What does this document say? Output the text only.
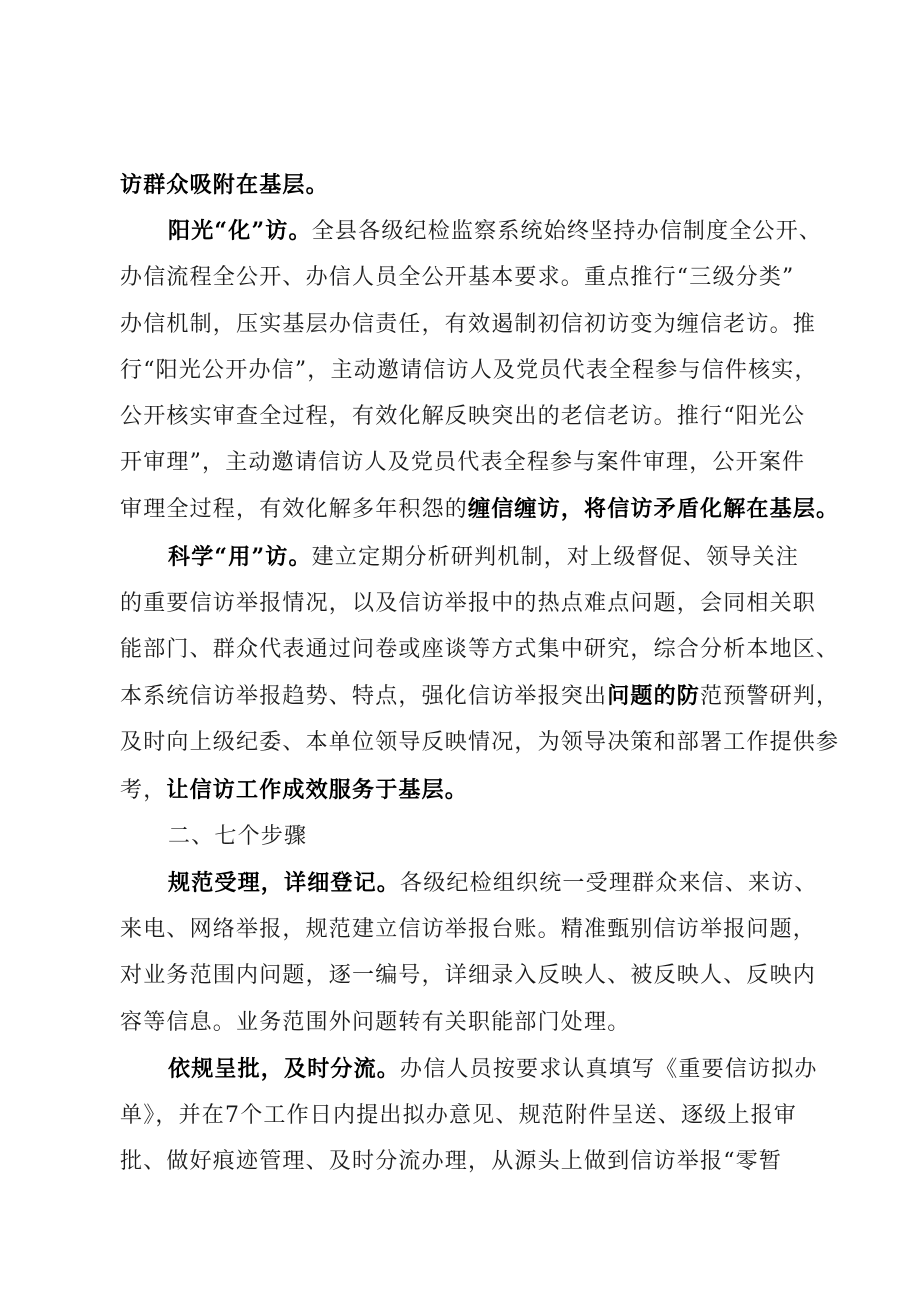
访群众吸附在基层。

阳光“化”访。全县各级纪检监察系统始终坚持办信制度全公开、
办信流程全公开、办信人员全公开基本要求。重点推行“三级分类”
办信机制，压实基层办信责任，有效遏制初信初访变为缠信老访。推
行“阳光公开办信”，主动邀请信访人及党员代表全程参与信件核实，
公开核实审查全过程，有效化解反映突出的老信老访。推行“阳光公
开审理”，主动邀请信访人及党员代表全程参与案件审理，公开案件
审理全过程，有效化解多年积怨的缠信缠访，将信访矛盾化解在基层。

科学“用”访。建立定期分析研判机制，对上级督促、领导关注
的重要信访举报情况，以及信访举报中的热点难点问题，会同相关职
能部门、群众代表通过问卷或座谈等方式集中研究，综合分析本地区、
本系统信访举报趋势、特点，强化信访举报突出问题的防范预警研判，
及时向上级纪委、本单位领导反映情况，为领导决策和部署工作提供参
考，让信访工作成效服务于基层。

二、七个步骤

规范受理，详细登记。各级纪检组织统一受理群众来信、来访、
来电、网络举报，规范建立信访举报台账。精准甄别信访举报问题，
对业务范围内问题，逐一编号，详细录入反映人、被反映人、反映内
容等信息。业务范围外问题转有关职能部门处理。

依规呈批，及时分流。办信人员按要求认真填写《重要信访拟办
单》，并在7个工作日内提出拟办意见、规范附件呈送、逐级上报审
批、做好痕迹管理、及时分流办理，从源头上做到信访举报“零暂
